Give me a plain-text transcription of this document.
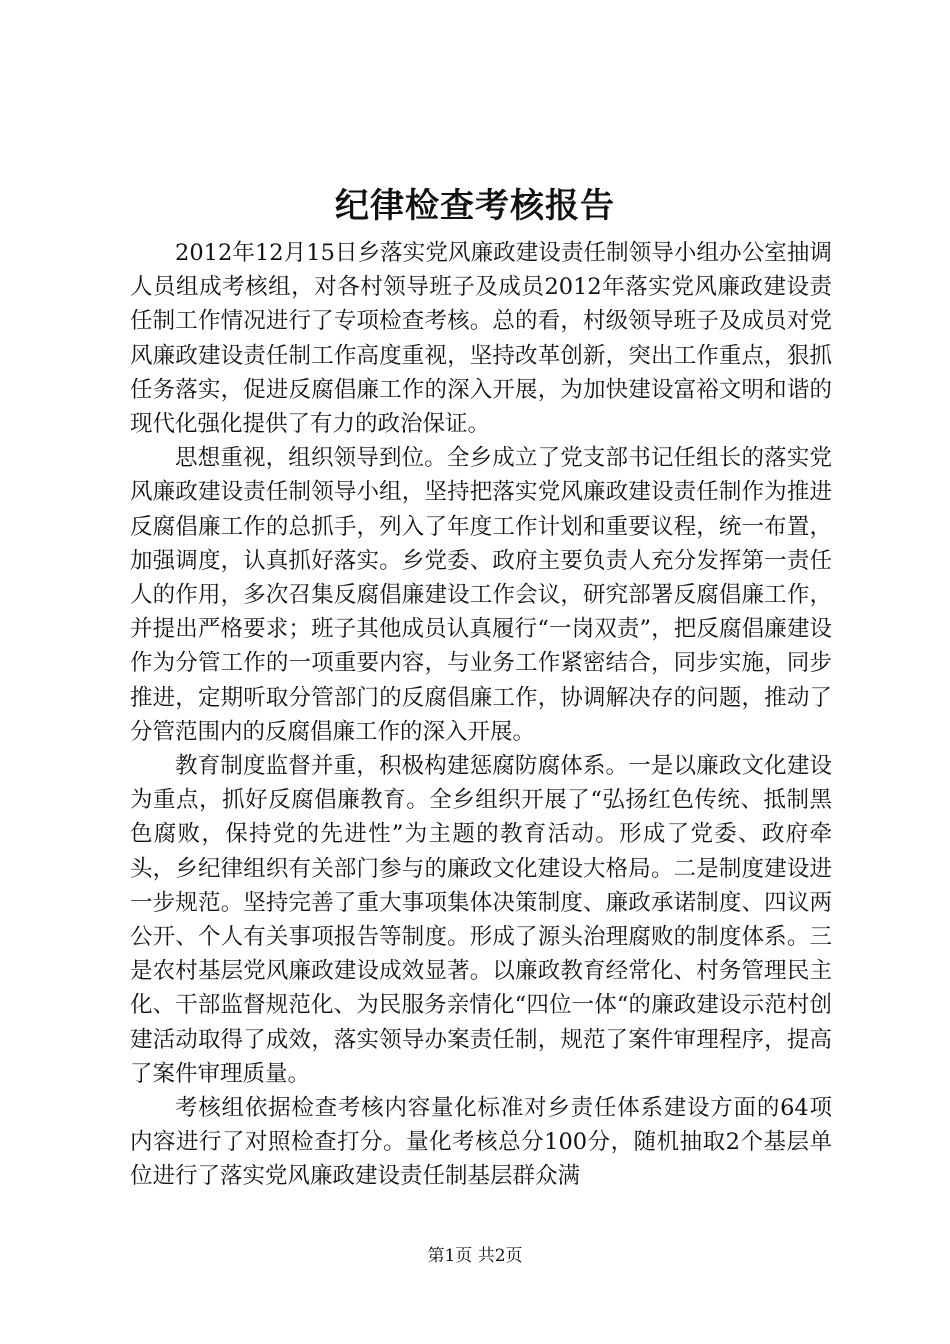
纪律检查考核报告

2012年12月15日乡落实党风廉政建设责任制领导小组办公室抽调人员组成考核组，对各村领导班子及成员2012年落实党风廉政建设责任制工作情况进行了专项检查考核。总的看，村级领导班子及成员对党风廉政建设责任制工作高度重视，坚持改革创新，突出工作重点，狠抓任务落实，促进反腐倡廉工作的深入开展，为加快建设富裕文明和谐的现代化强化提供了有力的政治保证。

思想重视，组织领导到位。全乡成立了党支部书记任组长的落实党风廉政建设责任制领导小组，坚持把落实党风廉政建设责任制作为推进反腐倡廉工作的总抓手，列入了年度工作计划和重要议程，统一布置，加强调度，认真抓好落实。乡党委、政府主要负责人充分发挥第一责任人的作用，多次召集反腐倡廉建设工作会议，研究部署反腐倡廉工作，并提出严格要求；班子其他成员认真履行“一岗双责”，把反腐倡廉建设作为分管工作的一项重要内容，与业务工作紧密结合，同步实施，同步推进，定期听取分管部门的反腐倡廉工作，协调解决存的问题，推动了分管范围内的反腐倡廉工作的深入开展。

教育制度监督并重，积极构建惩腐防腐体系。一是以廉政文化建设为重点，抓好反腐倡廉教育。全乡组织开展了“弘扬红色传统、抵制黑色腐败，保持党的先进性”为主题的教育活动。形成了党委、政府牵头，乡纪律组织有关部门参与的廉政文化建设大格局。二是制度建设进一步规范。坚持完善了重大事项集体决策制度、廉政承诺制度、四议两公开、个人有关事项报告等制度。形成了源头治理腐败的制度体系。三是农村基层党风廉政建设成效显著。以廉政教育经常化、村务管理民主化、干部监督规范化、为民服务亲情化“四位一体“的廉政建设示范村创建活动取得了成效，落实领导办案责任制，规范了案件审理程序，提高了案件审理质量。

考核组依据检查考核内容量化标准对乡责任体系建设方面的64项内容进行了对照检查打分。量化考核总分100分，随机抽取2个基层单位进行了落实党风廉政建设责任制基层群众满

第1页 共2页
